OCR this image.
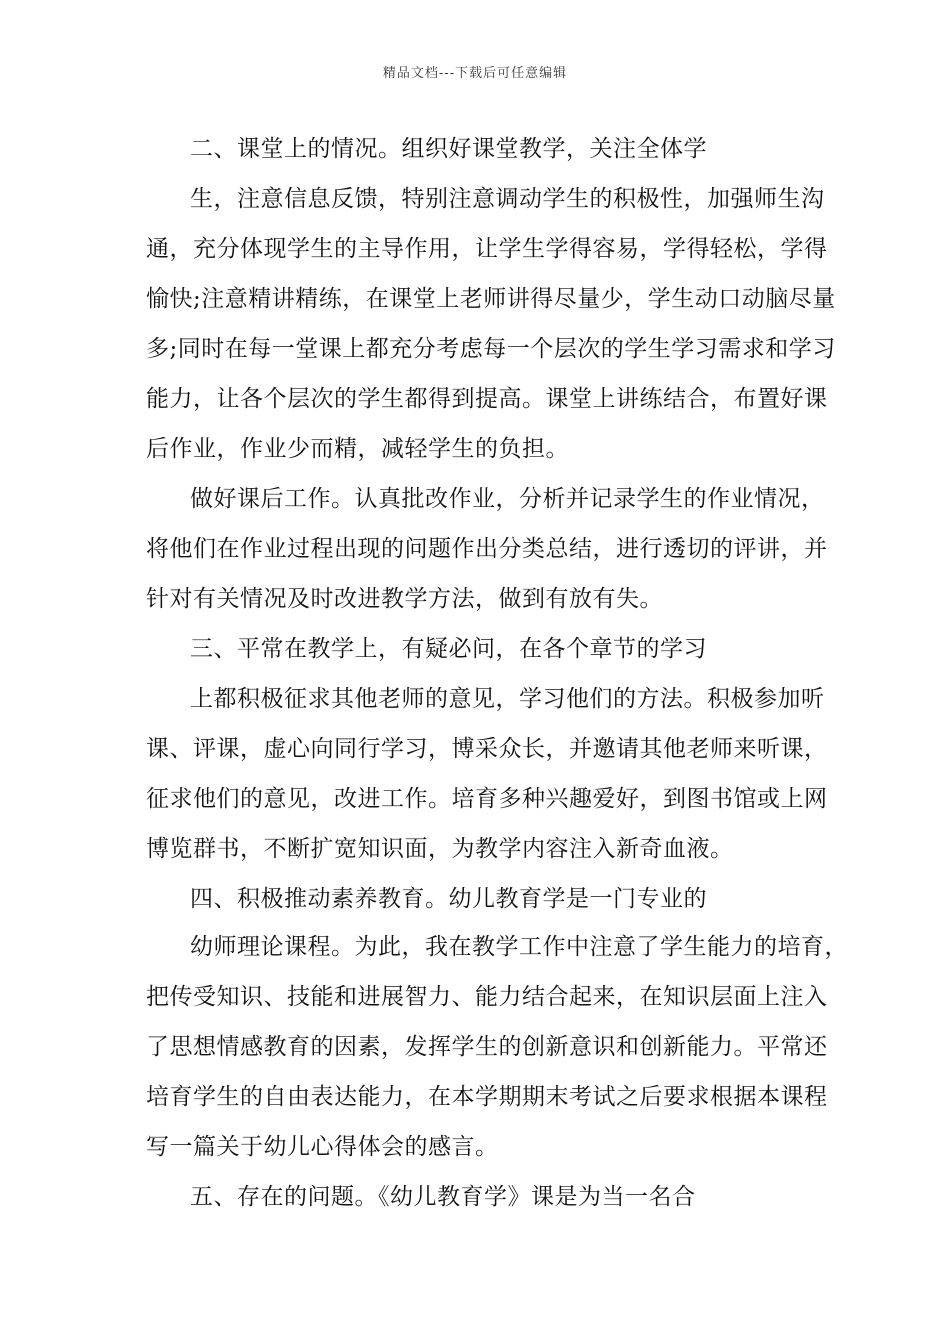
精品文档---下载后可任意编辑
二、课堂上的情况。组织好课堂教学，关注全体学
生，注意信息反馈，特别注意调动学生的积极性，加强师生沟
通，充分体现学生的主导作用，让学生学得容易，学得轻松，学得
愉快;注意精讲精练，在课堂上老师讲得尽量少，学生动口动脑尽量
多;同时在每一堂课上都充分考虑每一个层次的学生学习需求和学习
能力，让各个层次的学生都得到提高。课堂上讲练结合，布置好课
后作业，作业少而精，减轻学生的负担。
做好课后工作。认真批改作业，分析并记录学生的作业情况，
将他们在作业过程出现的问题作出分类总结，进行透切的评讲，并
针对有关情况及时改进教学方法，做到有放有失。
三、平常在教学上，有疑必问，在各个章节的学习
上都积极征求其他老师的意见，学习他们的方法。积极参加听
课、评课，虚心向同行学习，博采众长，并邀请其他老师来听课，
征求他们的意见，改进工作。培育多种兴趣爱好，到图书馆或上网
博览群书，不断扩宽知识面，为教学内容注入新奇血液。
四、积极推动素养教育。幼儿教育学是一门专业的
幼师理论课程。为此，我在教学工作中注意了学生能力的培育，
把传受知识、技能和进展智力、能力结合起来，在知识层面上注入
了思想情感教育的因素，发挥学生的创新意识和创新能力。平常还
培育学生的自由表达能力，在本学期期末考试之后要求根据本课程
写一篇关于幼儿心得体会的感言。
五、存在的问题。《幼儿教育学》课是为当一名合
